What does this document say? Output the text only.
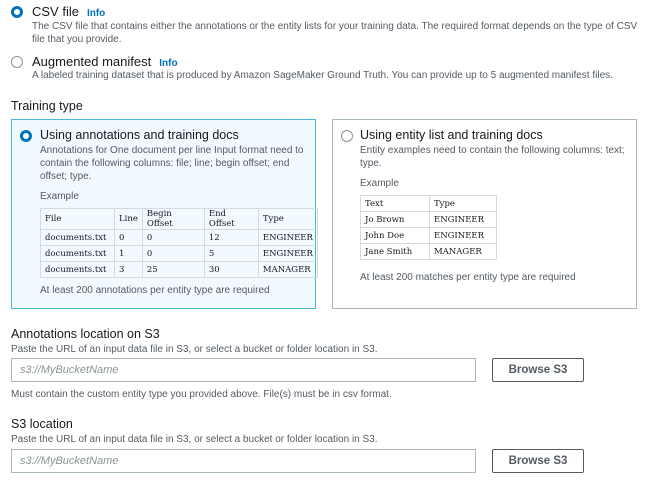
CSV file Info
The CSV file that contains either the annotations or the entity lists for your training data. The required format depends on the type of CSV file that you provide.
Augmented manifest Info
A labeled training dataset that is produced by Amazon SageMaker Ground Truth. You can provide up to 5 augmented manifest files.
Training type
Using annotations and training docs
Annotations for One document per line Input format need to contain the following columns: file; line; begin offset; end offset; type.
Example
File	Line	Begin Offset	End Offset	Type
documents.txt	0	0	12	ENGINEER
documents.txt	1	0	5	ENGINEER
documents.txt	3	25	30	MANAGER
At least 200 annotations per entity type are required
Using entity list and training docs
Entity examples need to contain the following columns: text; type.
Example
Text	Type
Jo Brown	ENGINEER
John Doe	ENGINEER
Jane Smith	MANAGER
At least 200 matches per entity type are required
Annotations location on S3
Paste the URL of an input data file in S3, or select a bucket or folder location in S3.
s3://MyBucketName
Browse S3
Must contain the custom entity type you provided above. File(s) must be in csv format.
S3 location
Paste the URL of an input data file in S3, or select a bucket or folder location in S3.
s3://MyBucketName
Browse S3
